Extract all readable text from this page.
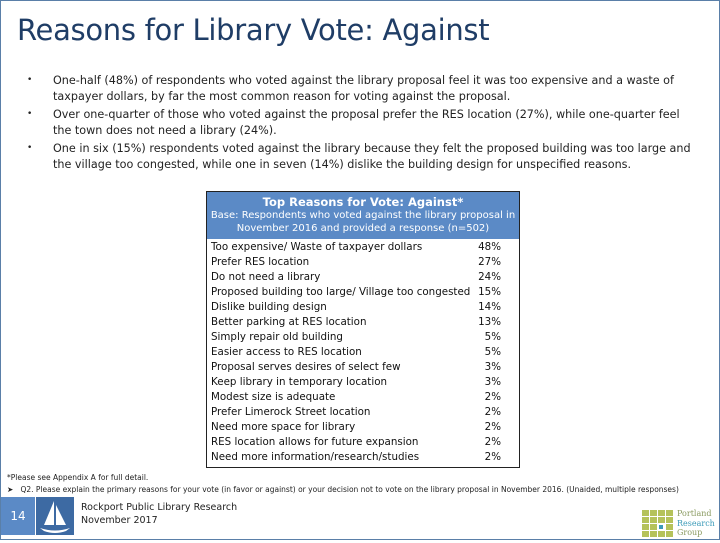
Reasons for Library Vote: Against
• One-half (48%) of respondents who voted against the library proposal feel it was too expensive and a waste of taxpayer dollars, by far the most common reason for voting against the proposal.
• Over one-quarter of those who voted against the proposal prefer the RES location (27%), while one-quarter feel the town does not need a library (24%).
• One in six (15%) respondents voted against the library because they felt the proposed building was too large and the village too congested, while one in seven (14%) dislike the building design for unspecified reasons.
Top Reasons for Vote: Against*
Base: Respondents who voted against the library proposal in November 2016 and provided a response (n=502)
Too expensive/ Waste of taxpayer dollars	48%
Prefer RES location	27%
Do not need a library	24%
Proposed building too large/ Village too congested 15%
Dislike building design	14%
Better parking at RES location	13%
Simply repair old building	5%
Easier access to RES location	5%
Proposal serves desires of select few	3%
Keep library in temporary location	3%
Modest size is adequate	2%
Prefer Limerock Street location	2%
Need more space for library	2%
RES location allows for future expansion	2%
Need more information/research/studies	2%
*Please see Appendix A for full detail.
➤   Q2. Please explain the primary reasons for your vote (in favor or against) or your decision not to vote on the library proposal in November 2016. (Unaided, multiple responses)
14
Rockport Public Library Research
November 2017
Portland
Research
Group
